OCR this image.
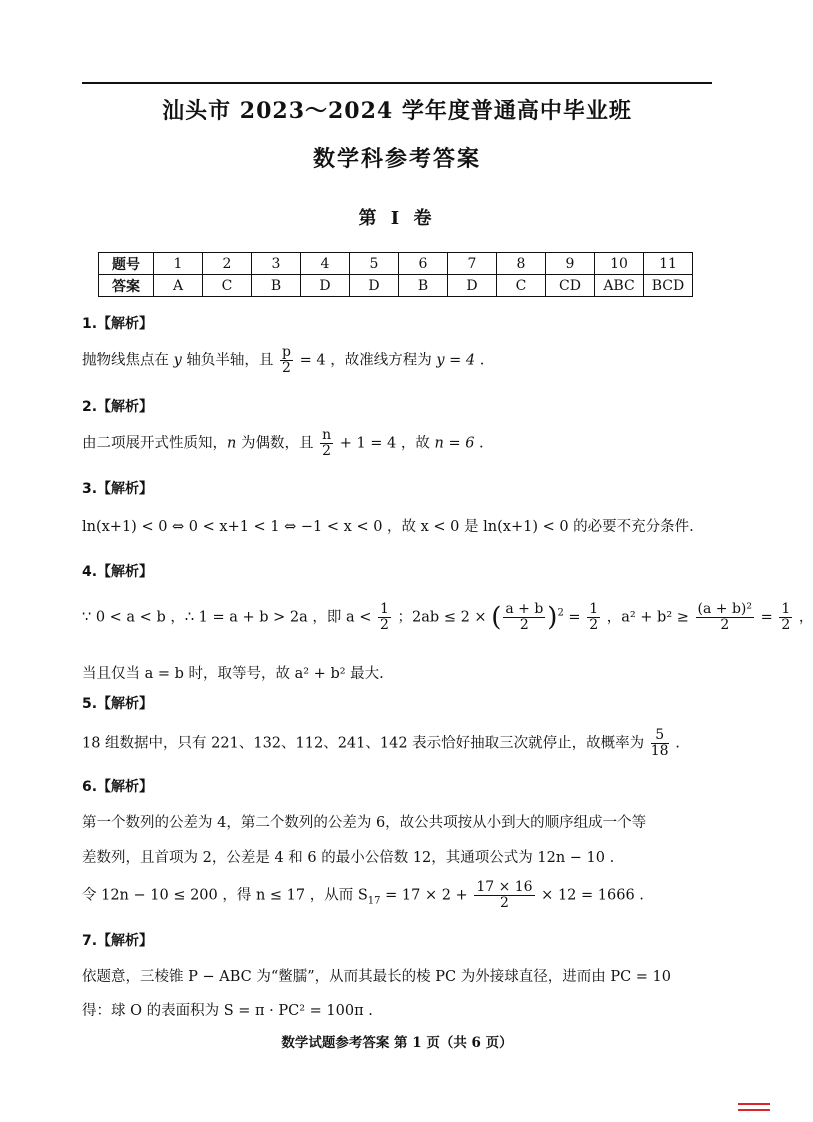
汕头市 2023～2024 学年度普通高中毕业班
数学科参考答案
第 I 卷
题号	1	2	3	4	5	6	7	8	9	10	11
答案	A	C	B	D	D	B	D	C	CD	ABC	BCD
1.【解析】
抛物线焦点在 y 轴负半轴，且 $\frac{p}{2} = 4$ ，故准线方程为 y = 4 .
2.【解析】
由二项展开式性质知，n 为偶数，且 $\frac{n}{2} + 1 = 4$ ，故 n = 6 .
3.【解析】
ln(x+1) < 0 ⇔ 0 < x+1 < 1 ⇔ −1 < x < 0 ，故 x < 0 是 ln(x+1) < 0 的必要不充分条件.
4.【解析】
∵ 0 < a < b ，∴ 1 = a + b > 2a ，即 $a < \frac{1}{2}$ ；2ab ≤ 2 × ( $\frac{a + b}{2} )^2 = \frac{1}{2}$ ，$a^2 + b^2 \ge \frac{\text{(a + b)²}}{2} = \frac{1}{2}$ ，
当且仅当 a = b 时，取等号，故 a² + b² 最大.
5.【解析】
18 组数据中，只有 221、132、112、241、142 表示恰好抽取三次就停止，故概率为 $\frac{5}{18}$ .
6.【解析】
第一个数列的公差为 4，第二个数列的公差为 6，故公共项按从小到大的顺序组成一个等
差数列，且首项为 2，公差是 4 和 6 的最小公倍数 12，其通项公式为 12n − 10 .
令 12n − 10 ≤ 200 ，得 n ≤ 17 ，从而 $S_{17} = 17 \times 2 + \frac{17 \times 16}{2} \times 12 = 1666$ .
7.【解析】
依题意，三棱锥 P − ABC 为“鳖臑”，从而其最长的棱 PC 为外接球直径，进而由 PC = 10
得：球 O 的表面积为 S = π · PC² = 100π .
数学试题参考答案 第 1 页（共 6 页）
